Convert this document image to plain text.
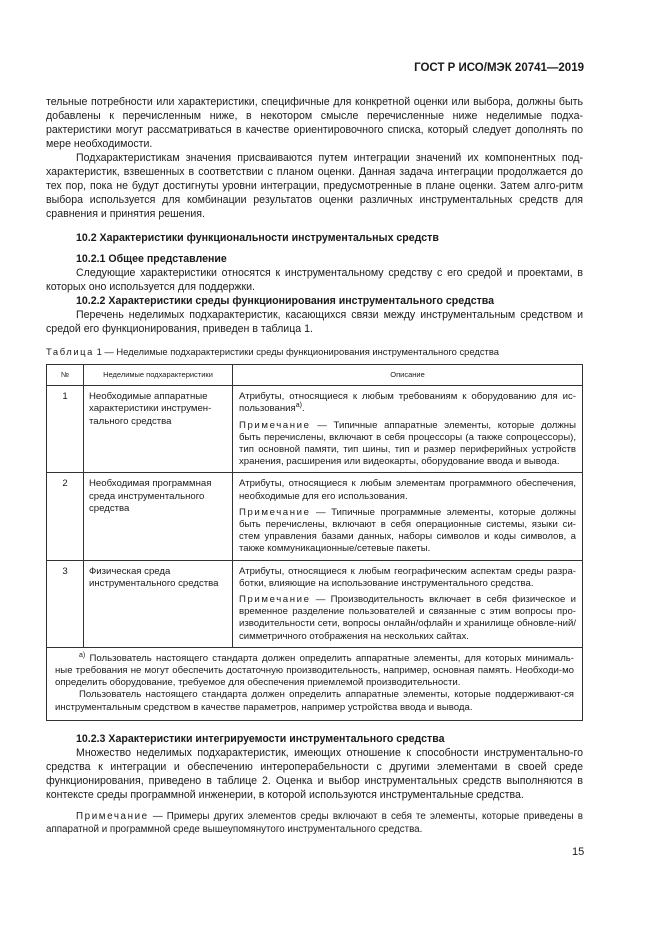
ГОСТ Р ИСО/МЭК 20741—2019

тельные потребности или характеристики, специфичные для конкретной оценки или выбора, должны быть добавлены к перечисленным ниже, в некотором смысле перечисленные ниже неделимые подха-рактеристики могут рассматриваться в качестве ориентировочного списка, который следует дополнять по мере необходимости.

Подхарактеристикам значения присваиваются путем интеграции значений их компонентных под-характеристик, взвешенных в соответствии с планом оценки. Данная задача интеграции продолжается до тех пор, пока не будут достигнуты уровни интеграции, предусмотренные в плане оценки. Затем алго-ритм выбора используется для комбинации результатов оценки различных инструментальных средств для сравнения и принятия решения.

10.2 Характеристики функциональности инструментальных средств

10.2.1 Общее представление

Следующие характеристики относятся к инструментальному средству с его средой и проектами, в которых оно используется для поддержки.

10.2.2 Характеристики среды функционирования инструментального средства

Перечень неделимых подхарактеристик, касающихся связи между инструментальным средством и средой его функционирования, приведен в таблица 1.

Таблица 1 — Неделимые подхарактеристики среды функционирования инструментального средства

№	Неделимые подхарактеристики	Описание
1	Необходимые аппаратные характеристики инструмен-тального средства	Атрибуты, относящиеся к любым требованиям к оборудованию для ис-пользования$^{a)}$.
Примечание — Типичные аппаратные элементы, которые должны быть перечислены, включают в себя процессоры (а также сопроцессоры), тип основной памяти, тип шины, тип и размер периферийных устройств хранения, расширения или видеокарты, оборудование ввода и вывода.

2	Необходимая программная среда инструментального средства	Атрибуты, относящиеся к любым элементам программного обеспечения, необходимые для его использования.
Примечание — Типичные программные элементы, которые должны быть перечислены, включают в себя операционные системы, языки си-стем управления базами данных, наборы символов и коды символов, а также коммуникационные/сетевые пакеты.

3	Физическая среда инструментального средства	Атрибуты, относящиеся к любым географическим аспектам среды разра-ботки, влияющие на использование инструментального средства.
Примечание — Производительность включает в себя физическое и временное разделение пользователей и связанные с этим вопросы про-изводительности сети, вопросы онлайн/офлайн и хранилище обновле-ний/симметричного отображения на нескольких сайтах.

$^{a)}$ Пользователь настоящего стандарта должен определить аппаратные элементы, для которых минималь-ные требования не могут обеспечить достаточную производительность, например, основная память. Необходи-мо определить оборудование, требуемое для обеспечения приемлемой производительности.
Пользователь настоящего стандарта должен определить аппаратные элементы, которые поддерживают-ся инструментальным средством в качестве параметров, например устройства ввода и вывода.		

10.2.3 Характеристики интегрируемости инструментального средства

Множество неделимых подхарактеристик, имеющих отношение к способности инструментально-го средства к интеграции и обеспечению интероперабельности с другими элементами в своей среде функционирования, приведено в таблице 2. Оценка и выбор инструментальных средств выполняются в контексте среды программной инженерии, в которой используются инструментальные средства.

Примечание — Примеры других элементов среды включают в себя те элементы, которые приведены в аппаратной и программной среде вышеупомянутого инструментального средства.

15
